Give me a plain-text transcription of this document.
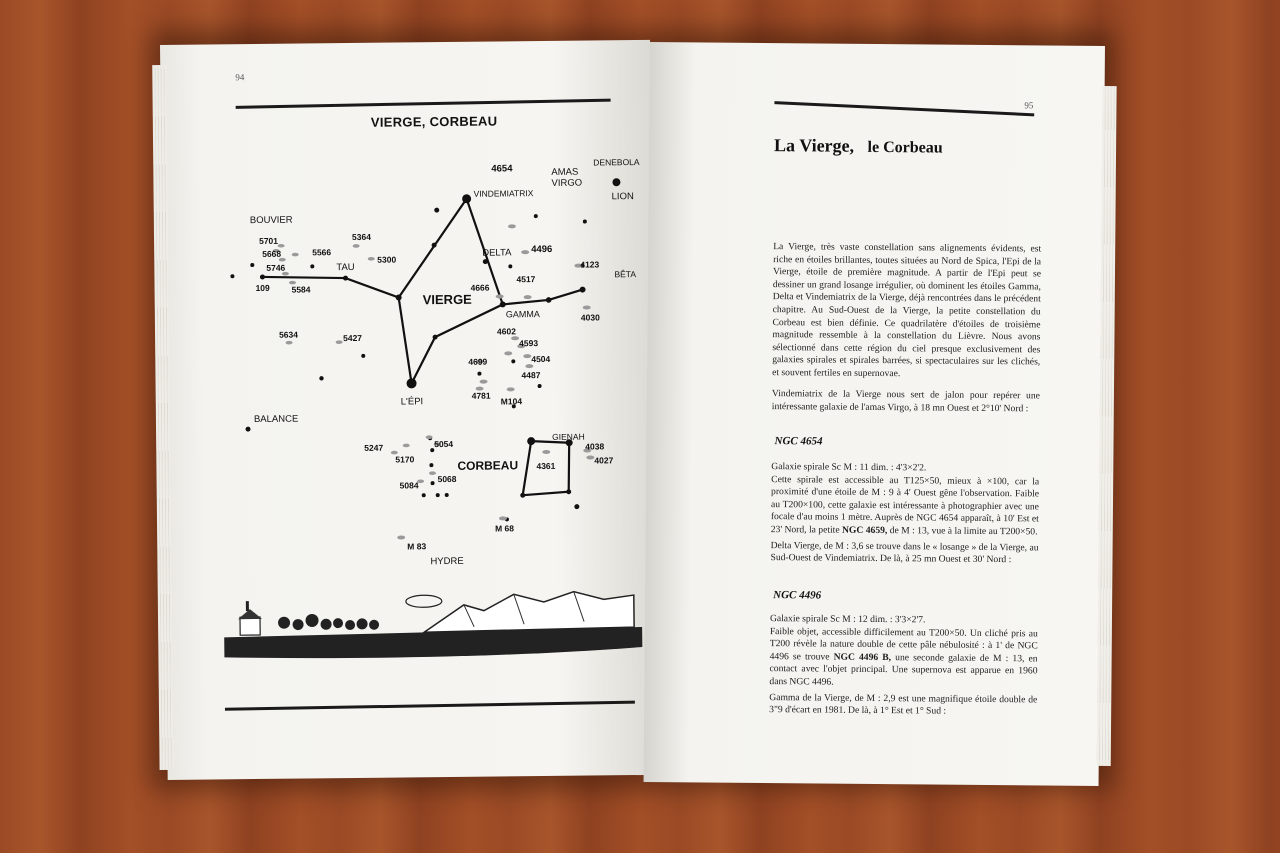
94
VIERGE, CORBEAU
4654	AMAS
VIRGO
DENEBOLA
LION
VINDEMIATRIX
BOUVIER
5701
5668	5566
5364
5300
5746	TAU
109	5584
DELTA 4496
4123
BÊTA
4517
4666
VIERGE
GAMMA	4030
5634	5427
4602
4593
4699	4504
4487
4781
M104
L'ÉPI
BALANCE
5247	5054
5170
GIENAH
4038
4027
4361
CORBEAU
5068
5084
M 68
M 83
HYDRE
95
La Vierge, le Corbeau
La Vierge, très vaste constellation sans alignements évidents, est riche en étoiles brillantes, toutes situées au Nord de Spica, l'Epi de la Vierge, étoile de première magnitude. A partir de l'Epi peut se dessiner un grand losange irrégulier, où dominent les étoiles Gamma, Delta et Vindemiatrix de la Vierge, déjà rencontrées dans le précédent chapitre. Au Sud-Ouest de la Vierge, la petite constellation du Corbeau est bien définie. Ce quadrilatère d'étoiles de troisième magnitude ressemble à la constellation du Lièvre. Nous avons sélectionné dans cette région du ciel presque exclusivement des galaxies spirales et spirales barrées, si spectaculaires sur les clichés, et souvent fertiles en supernovae.
Vindemiatrix de la Vierge nous sert de jalon pour repérer une intéressante galaxie de l'amas Virgo, à 18 mn Ouest et 2°10' Nord :
NGC 4654
Galaxie spirale Sc M : 11 dim. : 4'3×2'2.
Cette spirale est accessible au T125×50, mieux à ×100, car la proximité d'une étoile de M : 9 à 4' Ouest gêne l'observation. Faible au T200×100, cette galaxie est intéressante à photographier avec une focale d'au moins 1 mètre. Auprès de NGC 4654 apparaît, à 10' Est et 23' Nord, la petite NGC 4659, de M : 13, vue à la limite au T200×50.
Delta Vierge, de M : 3,6 se trouve dans le « losange » de la Vierge, au Sud-Ouest de Vindemiatrix. De là, à 25 mn Ouest et 30' Nord :
NGC 4496
Galaxie spirale Sc M : 12 dim. : 3'3×2'7.
Faible objet, accessible difficilement au T200×50. Un cliché pris au T200 révèle la nature double de cette pâle nébulosité : à 1' de NGC 4496 se trouve NGC 4496 B, une seconde galaxie de M : 13, en contact avec l'objet principal. Une supernova est apparue en 1960 dans NGC 4496.
Gamma de la Vierge, de M : 2,9 est une magnifique étoile double de 3"9 d'écart en 1981. De là, à 1° Est et 1° Sud :
